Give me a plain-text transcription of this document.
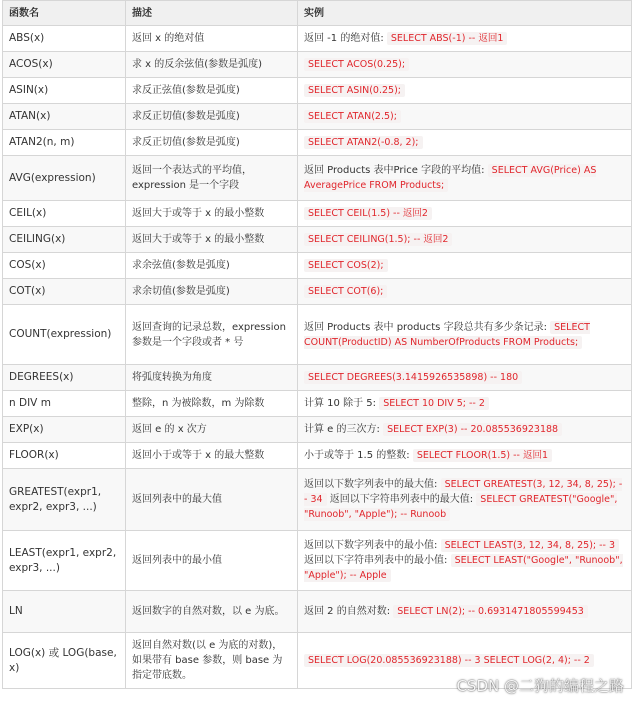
函数名	描述	实例
ABS(x)	返回 x 的绝对值	返回 -1 的绝对值: SELECT ABS(-1) -- 返回1
ACOS(x)	求 x 的反余弦值(参数是弧度)	SELECT ACOS(0.25);
ASIN(x)	求反正弦值(参数是弧度)	SELECT ASIN(0.25);
ATAN(x)	求反正切值(参数是弧度)	SELECT ATAN(2.5);
ATAN2(n, m)	求反正切值(参数是弧度)	SELECT ATAN2(-0.8, 2);
AVG(expression)	返回一个表达式的平均值，expression 是一个字段	返回 Products 表中Price 字段的平均值: SELECT AVG(Price) AS AveragePrice FROM Products;
CEIL(x)	返回大于或等于 x 的最小整数	SELECT CEIL(1.5) -- 返回2
CEILING(x)	返回大于或等于 x 的最小整数	SELECT CEILING(1.5); -- 返回2
COS(x)	求余弦值(参数是弧度)	SELECT COS(2);
COT(x)	求余切值(参数是弧度)	SELECT COT(6);
COUNT(expression)	返回查询的记录总数，expression 参数是一个字段或者 * 号	返回 Products 表中 products 字段总共有多少条记录: SELECT COUNT(ProductID) AS NumberOfProducts FROM Products;
DEGREES(x)	将弧度转换为角度	SELECT DEGREES(3.1415926535898) -- 180
n DIV m	整除，n 为被除数，m 为除数	计算 10 除于 5: SELECT 10 DIV 5; -- 2
EXP(x)	返回 e 的 x 次方	计算 e 的三次方: SELECT EXP(3) -- 20.085536923188
FLOOR(x)	返回小于或等于 x 的最大整数	小于或等于 1.5 的整数: SELECT FLOOR(1.5) -- 返回1
GREATEST(expr1, expr2, expr3, ...)	返回列表中的最大值	返回以下数字列表中的最大值: SELECT GREATEST(3, 12, 34, 8, 25); -- 34 返回以下字符串列表中的最大值: SELECT GREATEST("Google", "Runoob", "Apple"); -- Runoob
LEAST(expr1, expr2, expr3, ...)	返回列表中的最小值	返回以下数字列表中的最小值: SELECT LEAST(3, 12, 34, 8, 25); -- 3 返回以下字符串列表中的最小值: SELECT LEAST("Google", "Runoob", "Apple"); -- Apple
LN	返回数字的自然对数，以 e 为底。	返回 2 的自然对数: SELECT LN(2); -- 0.6931471805599453
LOG(x) 或 LOG(base, x)	返回自然对数(以 e 为底的对数)，如果带有 base 参数，则 base 为指定带底数。	SELECT LOG(20.085536923188) -- 3 SELECT LOG(2, 4); -- 2
CSDN @二狗的编程之路
